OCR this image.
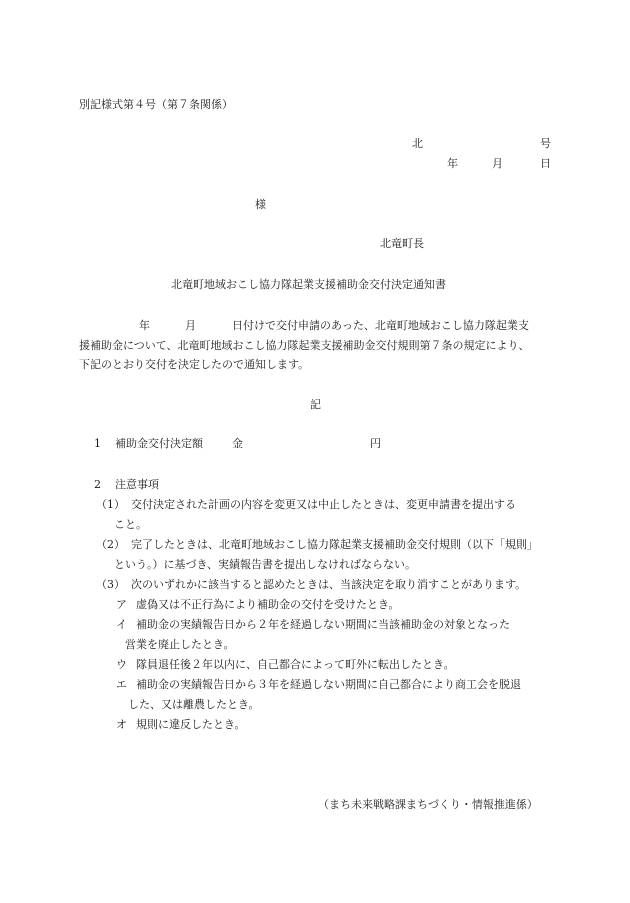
別記様式第４号（第７条関係）
北	号
年	月	日
様
北竜町長
北竜町地域おこし協力隊起業支援補助金交付決定通知書
年	月	日付けで交付申請のあった、北竜町地域おこし協力隊起業支
援補助金について、北竜町地域おこし協力隊起業支援補助金交付規則第７条の規定により、
下記のとおり交付を決定したので通知します。
記
1 補助金交付決定額	金	円
2 注意事項
（1） 交付決定された計画の内容を変更又は中止したときは、変更申請書を提出する
こと。
（2） 完了したときは、北竜町地域おこし協力隊起業支援補助金交付規則（以下「規則」
という。）に基づき、実績報告書を提出しなければならない。
（3） 次のいずれかに該当すると認めたときは、当該決定を取り消すことがあります。
ア 虚偽又は不正行為により補助金の交付を受けたとき。
イ 補助金の実績報告日から２年を経過しない期間に当該補助金の対象となった
営業を廃止したとき。
ウ 隊員退任後２年以内に、自己都合によって町外に転出したとき。
エ 補助金の実績報告日から３年を経過しない期間に自己都合により商工会を脱退
した、又は離農したとき。
オ 規則に違反したとき。
（まち未来戦略課まちづくり・情報推進係）
